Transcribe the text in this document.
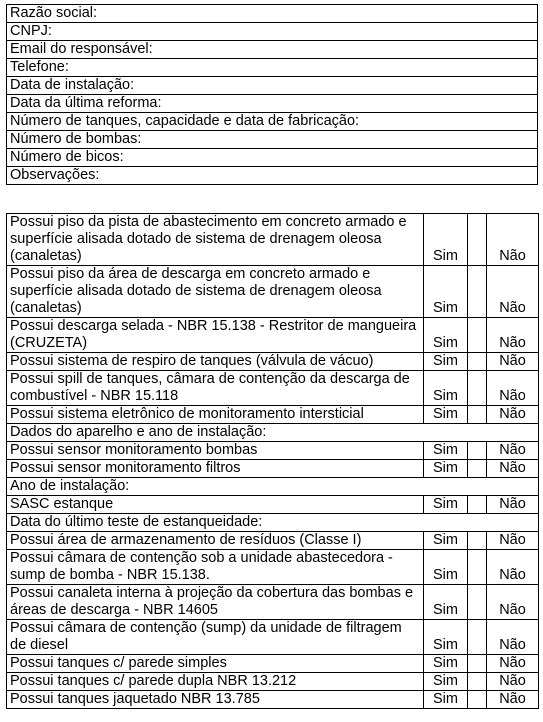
Razão social:
CNPJ:
Email do responsável:
Telefone:
Data de instalação:
Data da última reforma:
Número de tanques, capacidade e data de fabricação:
Número de bombas:
Número de bicos:
Observações:
Possui piso da pista de abastecimento em concreto armado e superfície alisada dotado de sistema de drenagem oleosa (canaletas)	Sim		Não
Possui piso da área de descarga em concreto armado e superfície alisada dotado de sistema de drenagem oleosa (canaletas)	Sim		Não
Possui descarga selada - NBR 15.138 - Restritor de mangueira (CRUZETA)	Sim		Não
Possui sistema de respiro de tanques (válvula de vácuo)	Sim		Não
Possui spill de tanques, câmara de contenção da descarga de combustível - NBR 15.118	Sim		Não
Possui sistema eletrônico de monitoramento intersticial	Sim		Não
Dados do aparelho e ano de instalação:			
Possui sensor monitoramento bombas	Sim		Não
Possui sensor monitoramento filtros	Sim		Não
Ano de instalação:			
SASC estanque	Sim		Não
Data do último teste de estanqueidade:			
Possui área de armazenamento de resíduos (Classe I)	Sim		Não
Possui câmara de contenção sob a unidade abastecedora - sump de bomba - NBR 15.138.	Sim		Não
Possui canaleta interna à projeção da cobertura das bombas e áreas de descarga - NBR 14605	Sim		Não
Possui câmara de contenção (sump) da unidade de filtragem de diesel	Sim		Não
Possui tanques c/ parede simples	Sim		Não
Possui tanques c/ parede dupla NBR 13.212	Sim		Não
Possui tanques jaquetado NBR 13.785	Sim		Não
